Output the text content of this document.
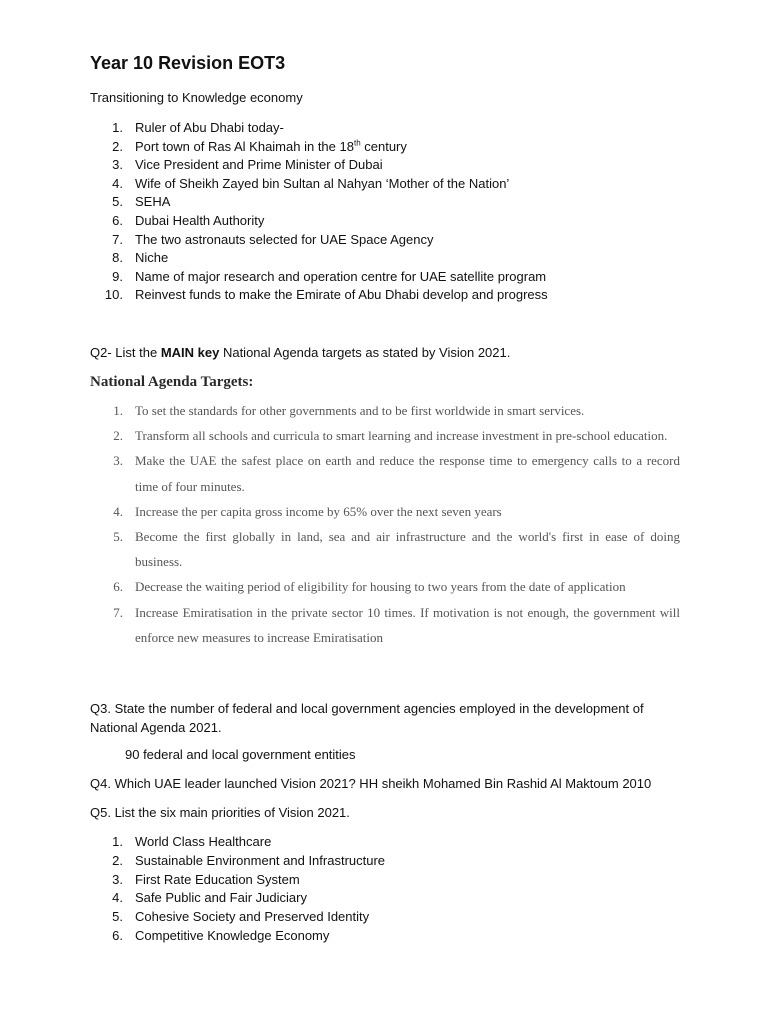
Year 10 Revision EOT3
Transitioning to Knowledge economy
1. Ruler of Abu Dhabi today-
2. Port town of Ras Al Khaimah in the 18th century
3. Vice President and Prime Minister of Dubai
4. Wife of Sheikh Zayed bin Sultan al Nahyan ‘Mother of the Nation’
5. SEHA
6. Dubai Health Authority
7. The two astronauts selected for UAE Space Agency
8. Niche
9. Name of major research and operation centre for UAE satellite program
10. Reinvest funds to make the Emirate of Abu Dhabi develop and progress
Q2- List the MAIN key National Agenda targets as stated by Vision 2021.
National Agenda Targets:
1. To set the standards for other governments and to be first worldwide in smart services.
2. Transform all schools and curricula to smart learning and increase investment in pre-school education.
3. Make the UAE the safest place on earth and reduce the response time to emergency calls to a record time of four minutes.
4. Increase the per capita gross income by 65% over the next seven years
5. Become the first globally in land, sea and air infrastructure and the world's first in ease of doing business.
6. Decrease the waiting period of eligibility for housing to two years from the date of application
7. Increase Emiratisation in the private sector 10 times. If motivation is not enough, the government will enforce new measures to increase Emiratisation
Q3. State the number of federal and local government agencies employed in the development of National Agenda 2021.
90 federal and local government entities
Q4. Which UAE leader launched Vision 2021? HH sheikh Mohamed Bin Rashid Al Maktoum 2010
Q5. List the six main priorities of Vision 2021.
1. World Class Healthcare
2. Sustainable Environment and Infrastructure
3. First Rate Education System
4. Safe Public and Fair Judiciary
5. Cohesive Society and Preserved Identity
6. Competitive Knowledge Economy
